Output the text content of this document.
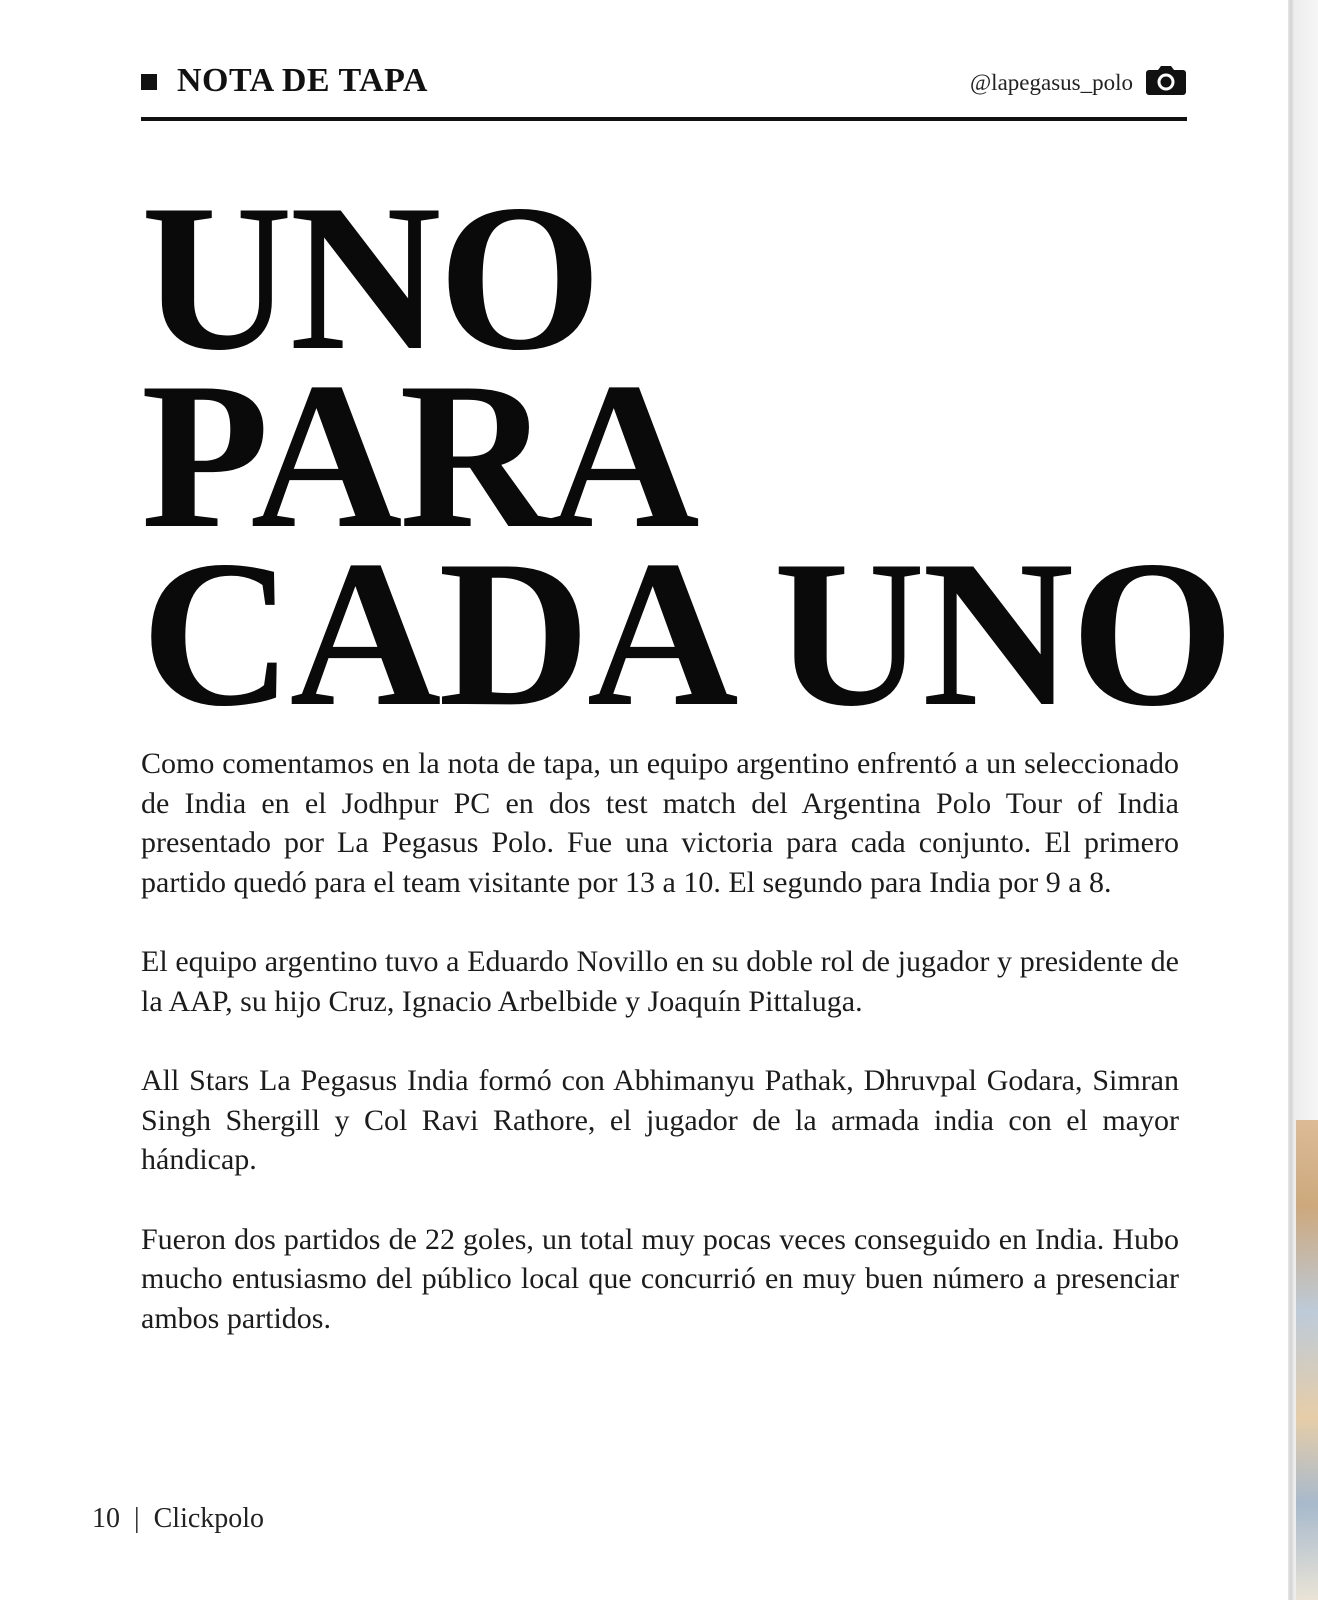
NOTA DE TAPA	@lapegasus_polo
UNO
PARA
CADA UNO

Como comentamos en la nota de tapa, un equipo argentino enfrentó a un seleccionado de India en el Jodhpur PC en dos test match del Argentina Polo Tour of India presentado por La Pegasus Polo. Fue una victoria para cada conjunto. El primero partido quedó para el team visitante por 13 a 10. El segundo para India por 9 a 8.

El equipo argentino tuvo a Eduardo Novillo en su doble rol de jugador y presidente de la AAP, su hijo Cruz, Ignacio Arbelbide y Joaquín Pittaluga.

All Stars La Pegasus India formó con Abhimanyu Pathak, Dhruvpal Godara, Simran Singh Shergill y Col Ravi Rathore, el jugador de la armada india con el mayor hándicap.

Fueron dos partidos de 22 goles, un total muy pocas veces conseguido en India. Hubo mucho entusiasmo del público local que concurrió en muy buen número a presenciar ambos partidos.

10 | Clickpolo
